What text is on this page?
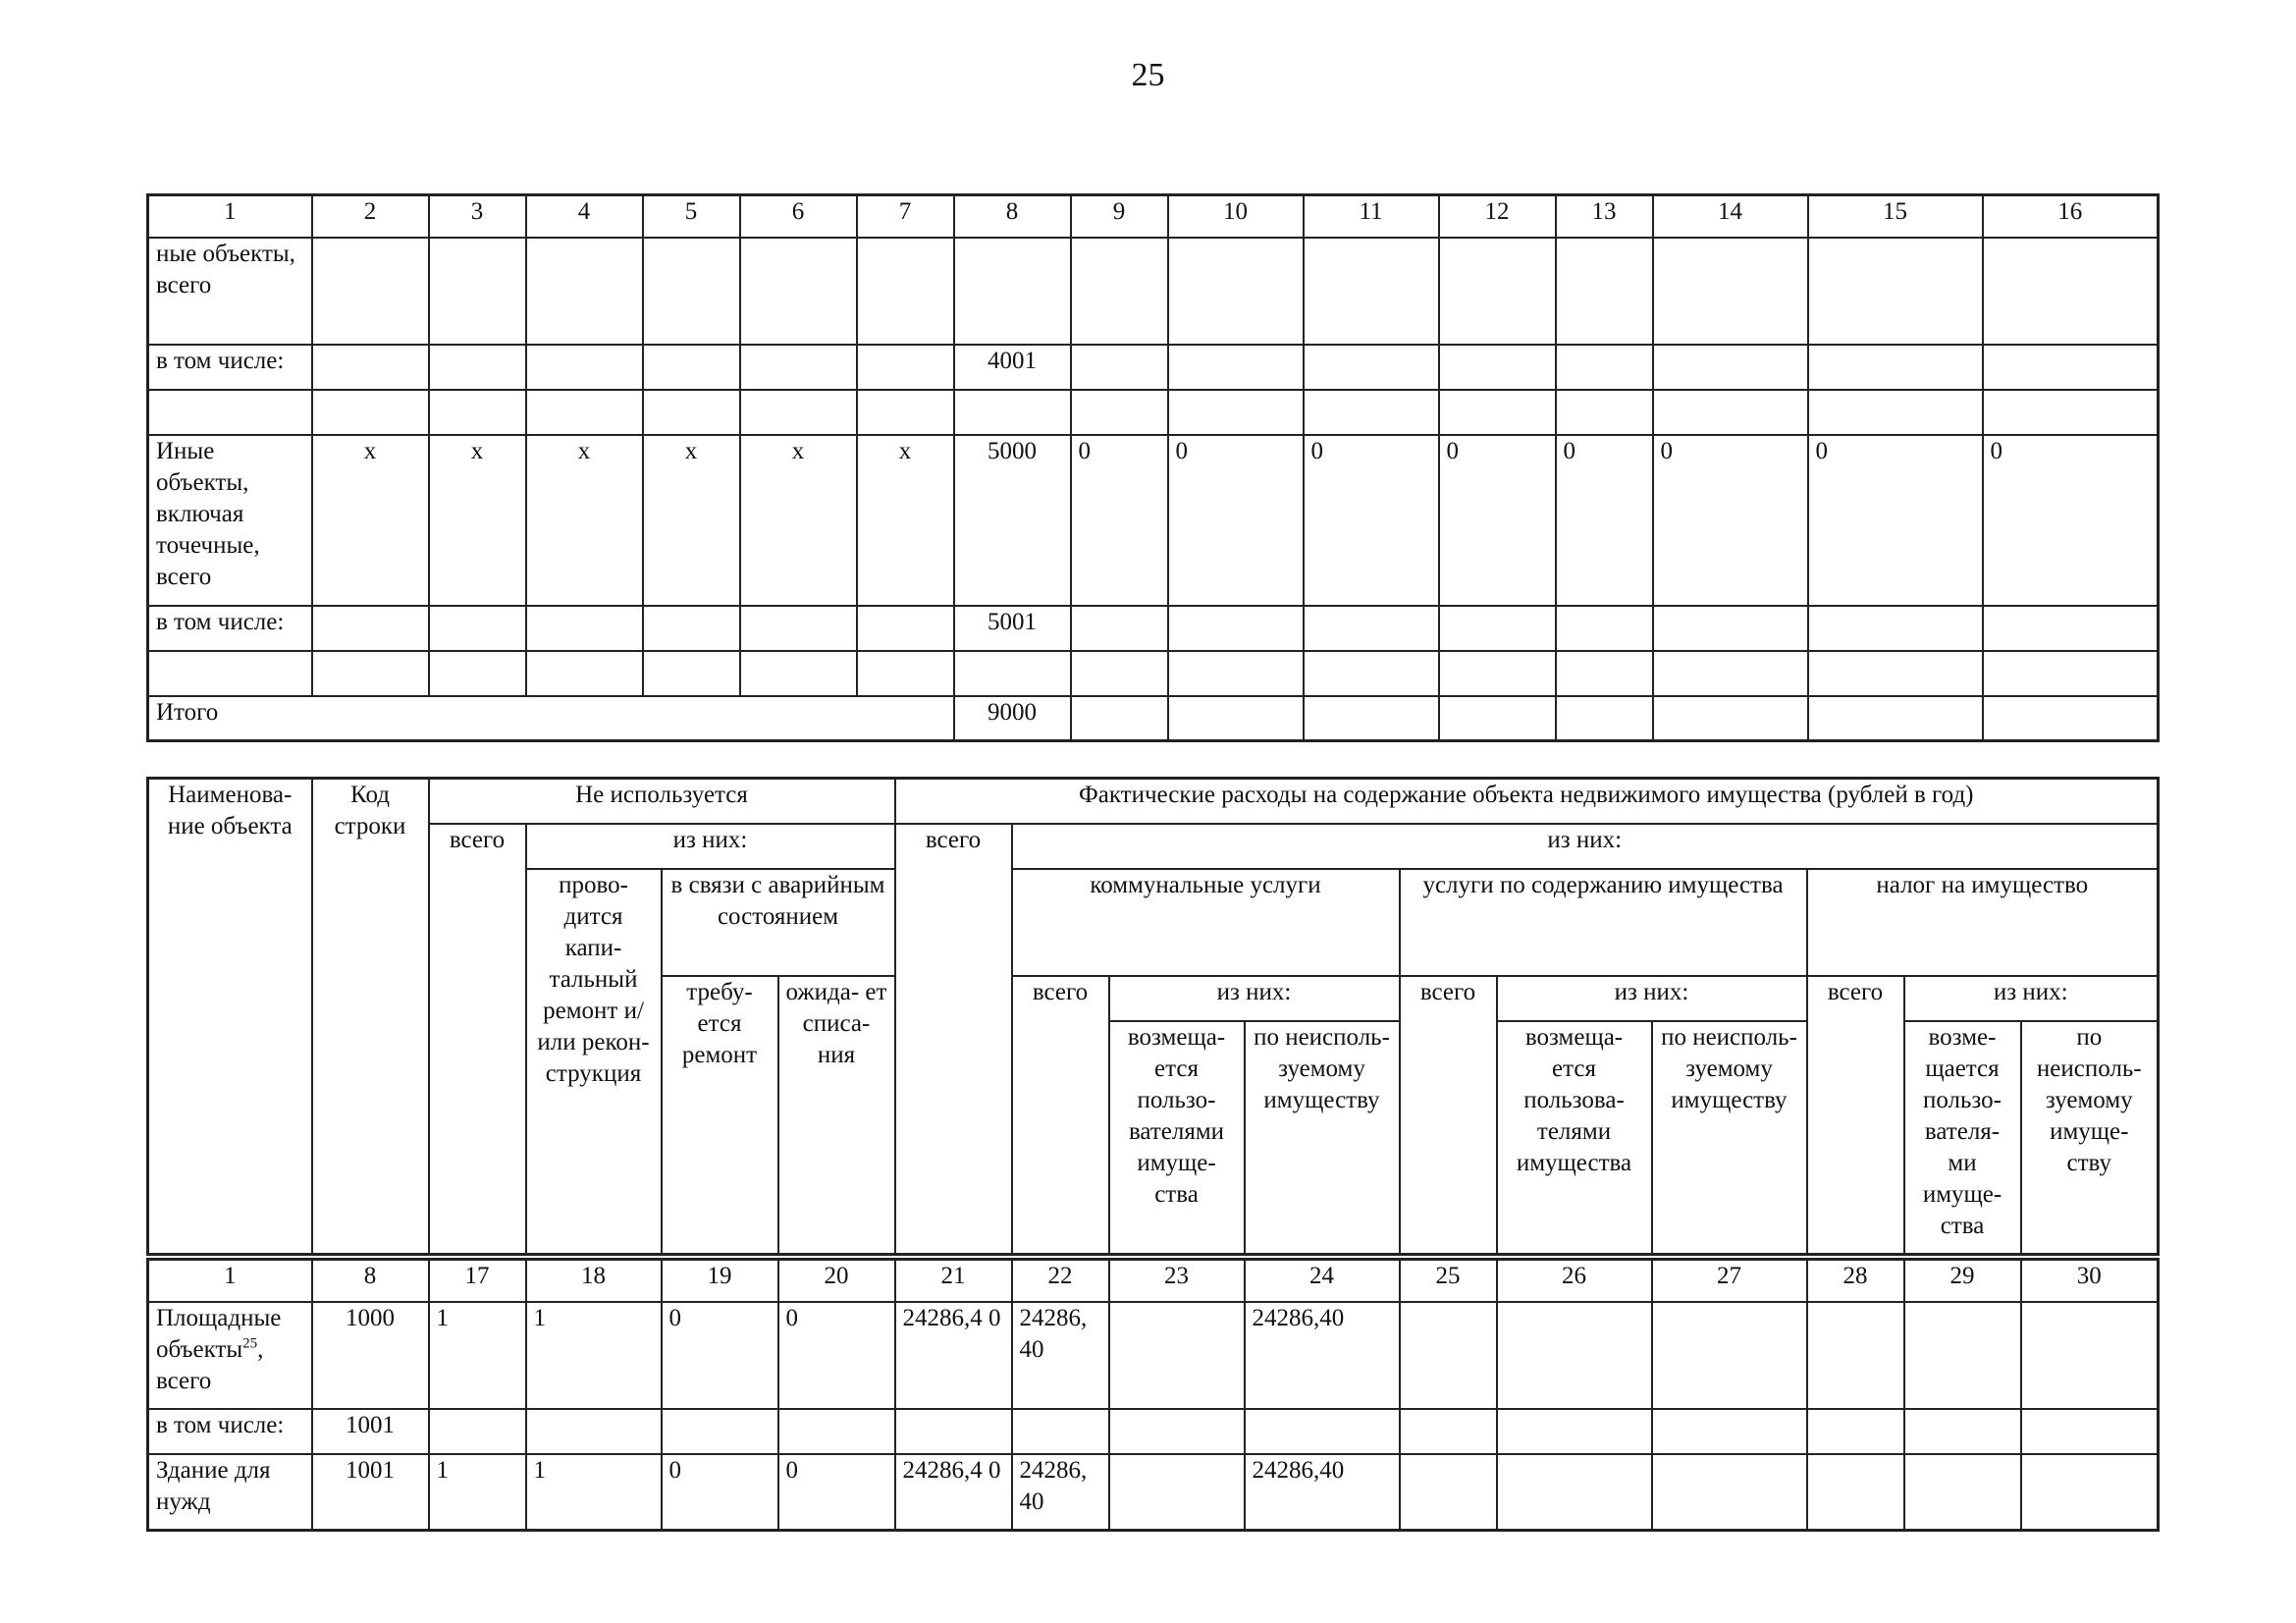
25
1	2	3	4	5	6	7	8	9	10	11	12	13	14	15	16
ные объекты, всего															
в том числе:							4001								

Иные объекты, включая точечные, всего	х	х	х	х	х	х	5000	0	0	0	0	0	0	0	0
в том числе:							5001								

Итого							9000								
Наименова- ние объекта	Код строки	Не используется				Фактические расходы на содержание объекта недвижимого имущества (рублей в год)									
		всего	из них:			всего	из них:								
			прово- дится капи- тальный ремонт и/или рекон- струкция	в связи с аварийным состоянием			коммунальные услуги			услуги по содержанию имущества			налог на имущество		
				требу- ется ремонт	ожида- ет списа- ния		всего	из них:		всего	из них:		всего	из них:	
								возмеща- ется пользо- вателями имуще- ства	по неисполь- зуемому имуществу		возмеща- ется пользова- телями имущества	по неисполь- зуемому имуществу		возме- щается пользо- вателя- ми имуще- ства	по неисполь- зуемому имуще- ству
1	8	17	18	19	20	21	22	23	24	25	26	27	28	29	30
Площадные объекты$^{25}$, всего	1000	1	1	0	0	24286,4 0	24286, 40		24286,40						
в том числе:	1001														
Здание для нужд	1001	1	1	0	0	24286,4 0	24286, 40		24286,40						
